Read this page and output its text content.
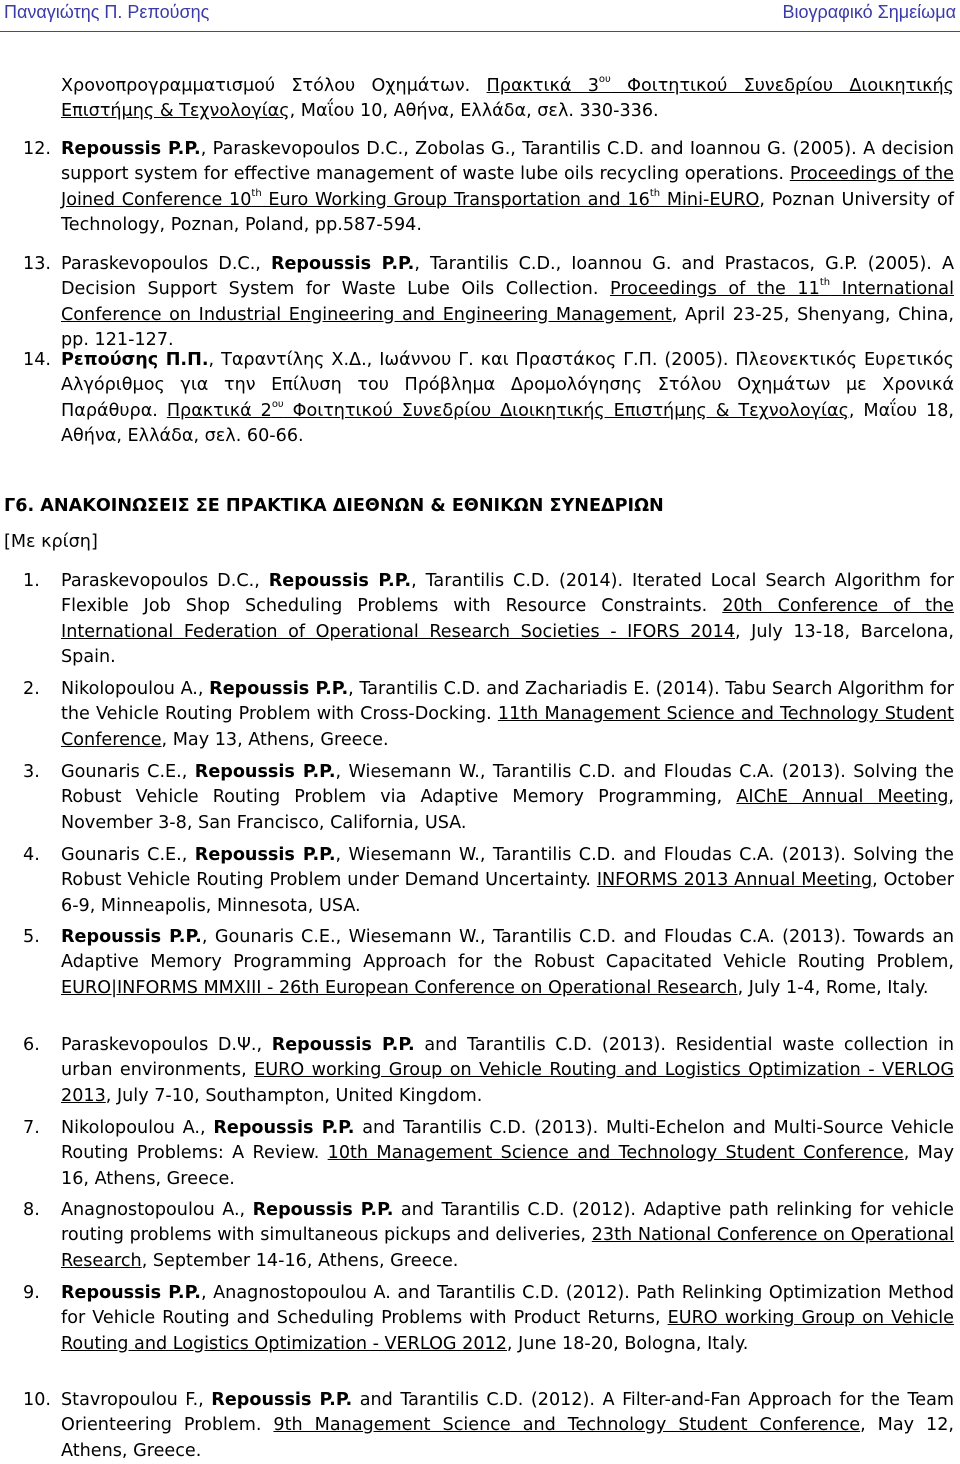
Παναγιώτης Π. Ρεπούσης	Βιογραφικό Σημείωμα
Χρονοπρογραμματισμού Στόλου Οχημάτων. Πρακτικά $3^{o\upsilon}$ Φοιτητικού Συνεδρίου Διοικητικής Επιστήμης & Τεχνολογίας, Μαΐου 10, Αθήνα, Ελλάδα, σελ. 330-336.
12. Repoussis P.P., Paraskevopoulos D.C., Zobolas G., Tarantilis C.D. and Ioannou G. (2005). A decision support system for effective management of waste lube oils recycling operations. Proceedings of the Joined Conference 10th Euro Working Group Transportation and 16th Mini-EURO, Poznan University of Technology, Poznan, Poland, pp.587-594.
13. Paraskevopoulos D.C., Repoussis P.P., Tarantilis C.D., Ioannou G. and Prastacos, G.P. (2005). A Decision Support System for Waste Lube Oils Collection. Proceedings of the 11th International Conference on Industrial Engineering and Engineering Management, April 23-25, Shenyang, China, pp. 121-127.
14. Ρεπούσης Π.Π., Ταραντίλης Χ.Δ., Ιωάννου Γ. και Πραστάκος Γ.Π. (2005). Πλεονεκτικός Ευρετικός Αλγόριθμος για την Επίλυση του Πρόβλημα Δρομολόγησης Στόλου Οχημάτων με Χρονικά Παράθυρα. Πρακτικά $2^{o\upsilon}$ Φοιτητικού Συνεδρίου Διοικητικής Επιστήμης & Τεχνολογίας, Μαΐου 18, Αθήνα, Ελλάδα, σελ. 60-66.
Γ6. ΑΝΑΚΟΙΝΩΣΕΙΣ ΣΕ ΠΡΑΚΤΙΚΑ ΔΙΕΘΝΩΝ & ΕΘΝΙΚΩΝ ΣΥΝΕΔΡΙΩΝ
[Με κρίση]
1.	Paraskevopoulos D.C., Repoussis P.P., Tarantilis C.D. (2014). Iterated Local Search Algorithm for Flexible Job Shop Scheduling Problems with Resource Constraints. 20th Conference of the International Federation of Operational Research Societies - IFORS 2014, July 13-18, Barcelona, Spain.
2.	Nikolopoulou A., Repoussis P.P., Tarantilis C.D. and Zachariadis E. (2014). Tabu Search Algorithm for the Vehicle Routing Problem with Cross-Docking. 11th Management Science and Technology Student Conference, May 13, Athens, Greece.
3.	Gounaris C.E., Repoussis P.P., Wiesemann W., Tarantilis C.D. and Floudas C.A. (2013). Solving the Robust Vehicle Routing Problem via Adaptive Memory Programming, AIChE Annual Meeting, November 3-8, San Francisco, California, USA.
4.	Gounaris C.E., Repoussis P.P., Wiesemann W., Tarantilis C.D. and Floudas C.A. (2013). Solving the Robust Vehicle Routing Problem under Demand Uncertainty. INFORMS 2013 Annual Meeting, October 6-9, Minneapolis, Minnesota, USA.
5.	Repoussis P.P., Gounaris C.E., Wiesemann W., Tarantilis C.D. and Floudas C.A. (2013). Towards an Adaptive Memory Programming Approach for the Robust Capacitated Vehicle Routing Problem, EURO|INFORMS MMXIII - 26th European Conference on Operational Research, July 1-4, Rome, Italy.
6.	Paraskevopoulos D.Ψ., Repoussis P.P. and Tarantilis C.D. (2013). Residential waste collection in urban environments, EURO working Group on Vehicle Routing and Logistics Optimization - VERLOG 2013, July 7-10, Southampton, United Kingdom.
7.	Nikolopoulou A., Repoussis P.P. and Tarantilis C.D. (2013). Multi-Echelon and Multi-Source Vehicle Routing Problems: A Review. 10th Management Science and Technology Student Conference, May 16, Athens, Greece.
8.	Anagnostopoulou A., Repoussis P.P. and Tarantilis C.D. (2012). Adaptive path relinking for vehicle routing problems with simultaneous pickups and deliveries, 23th National Conference on Operational Research, September 14-16, Athens, Greece.
9.	Repoussis P.P., Anagnostopoulou A. and Tarantilis C.D. (2012). Path Relinking Optimization Method for Vehicle Routing and Scheduling Problems with Product Returns, EURO working Group on Vehicle Routing and Logistics Optimization - VERLOG 2012, June 18-20, Bologna, Italy.
10. Stavropoulou F., Repoussis P.P. and Tarantilis C.D. (2012). A Filter-and-Fan Approach for the Team Orienteering Problem. 9th Management Science and Technology Student Conference, May 12, Athens, Greece.
